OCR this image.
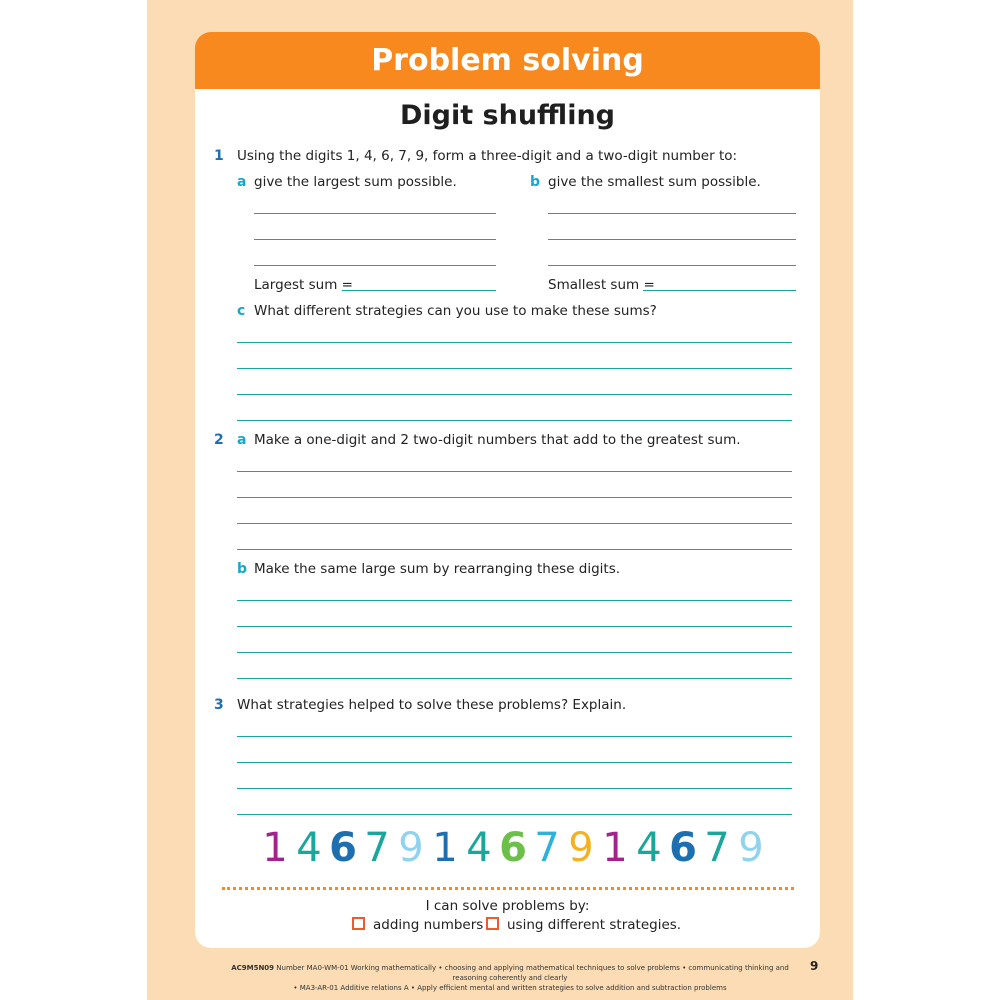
Problem solving
Digit shuffling
1 Using the digits 1, 4, 6, 7, 9, form a three-digit and a two-digit number to:
a give the largest sum possible.	b give the smallest sum possible.
Largest sum =	Smallest sum =
c What different strategies can you use to make these sums?
2 a Make a one-digit and 2 two-digit numbers that add to the greatest sum.
b Make the same large sum by rearranging these digits.
3 What strategies helped to solve these problems? Explain.
1 4 6 7 9 1 4 6 7 9 1 4 6 7 9
I can solve problems by:
adding numbers	using different strategies.
AC9M5N09 Number MA0-WM-01 Working mathematically • choosing and applying mathematical techniques to solve problems • communicating thinking and reasoning coherently and clearly
• MA3-AR-01 Additive relations A • Apply efficient mental and written strategies to solve addition and subtraction problems
9
